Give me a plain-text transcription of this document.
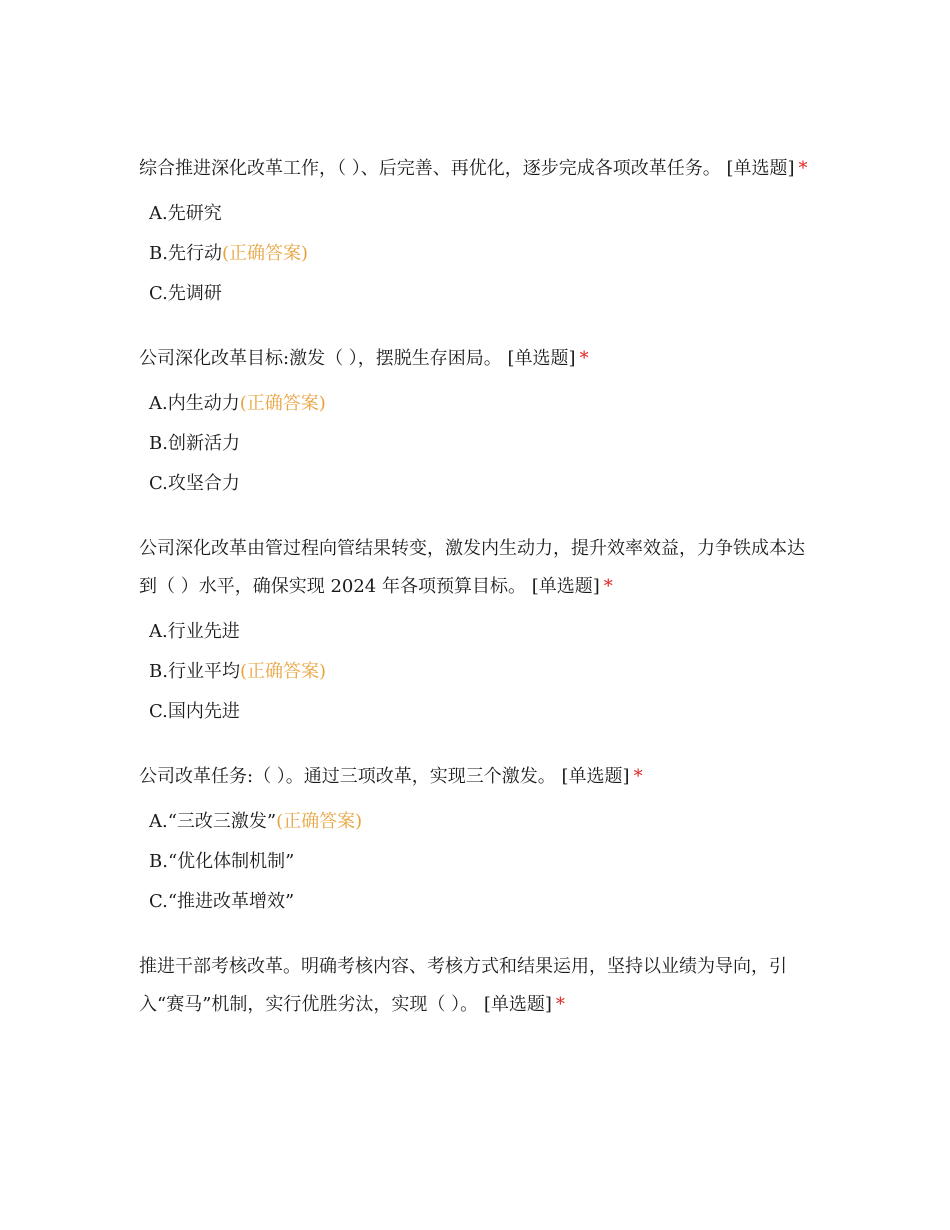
综合推进深化改革工作，（ ）、后完善、再优化，逐步完成各项改革任务。 [单选题] *
A.先研究
B.先行动(正确答案)
C.先调研
公司深化改革目标:激发（ ），摆脱生存困局。 [单选题] *
A.内生动力(正确答案)
B.创新活力
C.攻坚合力
公司深化改革由管过程向管结果转变，激发内生动力，提升效率效益，力争铁成本达到（ ）水平，确保实现 2024 年各项预算目标。 [单选题] *
A.行业先进
B.行业平均(正确答案)
C.国内先进
公司改革任务:（ ）。通过三项改革，实现三个激发。 [单选题] *
A.“三改三激发”(正确答案)
B.“优化体制机制”
C.“推进改革增效”
推进干部考核改革。明确考核内容、考核方式和结果运用，坚持以业绩为导向，引入“赛马”机制，实行优胜劣汰，实现（ ）。 [单选题] *
